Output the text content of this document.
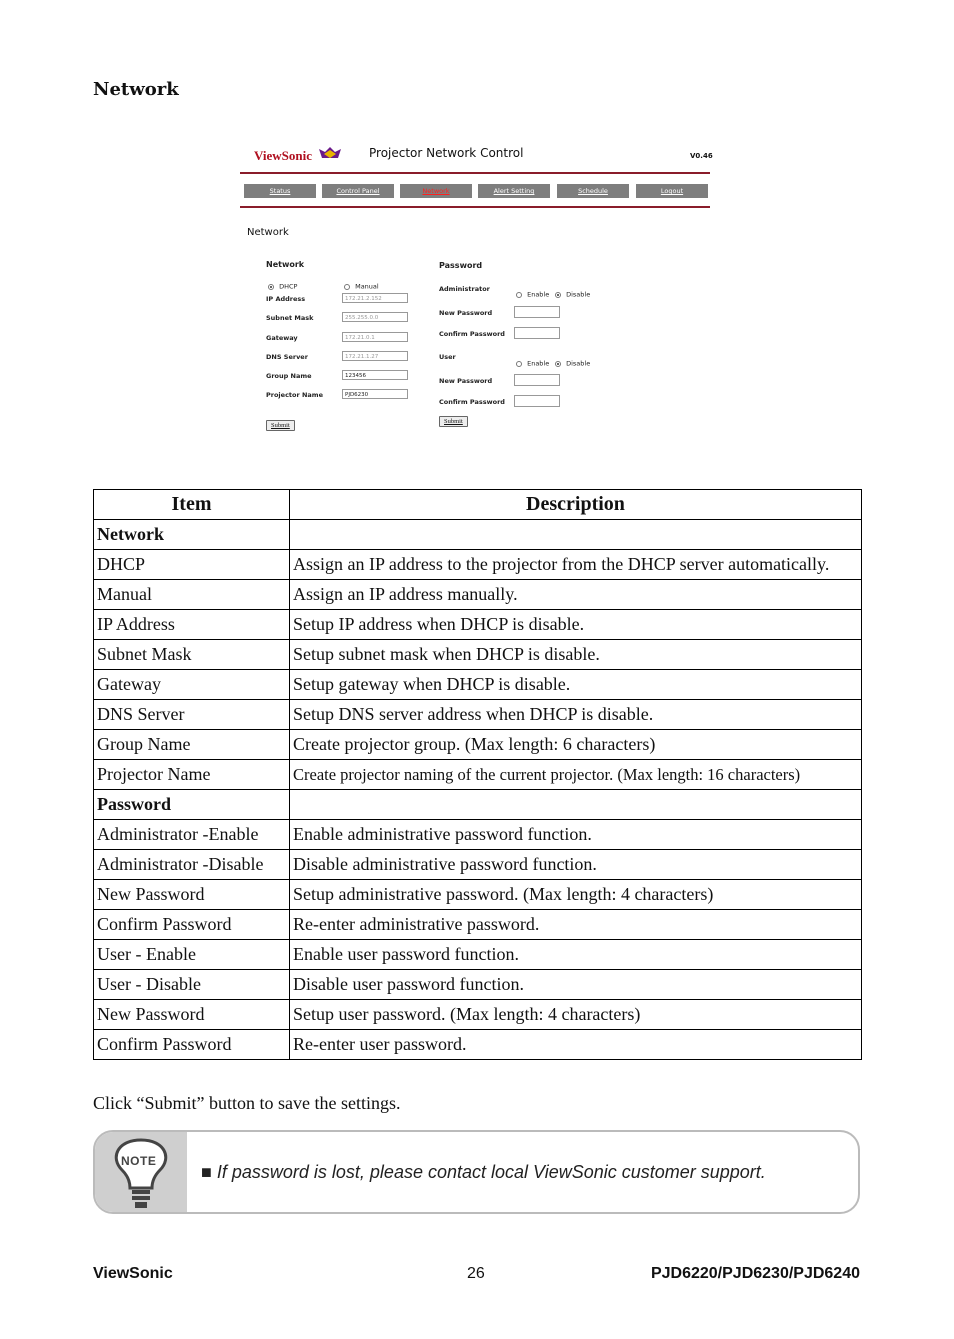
Network
ViewSonic	Projector Network Control	V0.46
Status	Control Panel	Network	Alert Setting	Schedule	Logout
Network
Network
DHCP	Manual
IP Address	172.21.2.152
Subnet Mask	255.255.0.0
Gateway	172.21.0.1
DNS Server	172.21.1.27
Group Name	123456
Projector Name	PJD6230
Submit
Password
Administrator
Enable	Disable
New Password
Confirm Password
User
Enable	Disable
New Password
Confirm Password
Submit
Item	Description
Network	
DHCP	Assign an IP address to the projector from the DHCP server automatically.
Manual	Assign an IP address manually.
IP Address	Setup IP address when DHCP is disable.
Subnet Mask	Setup subnet mask when DHCP is disable.
Gateway	Setup gateway when DHCP is disable.
DNS Server	Setup DNS server address when DHCP is disable.
Group Name	Create projector group. (Max length: 6 characters)
Projector Name	Create projector naming of the current projector. (Max length: 16 characters)
Password	
Administrator -Enable	Enable administrative password function.
Administrator -Disable	Disable administrative password function.
New Password	Setup administrative password. (Max length: 4 characters)
Confirm Password	Re-enter administrative password.
User - Enable	Enable user password function.
User - Disable	Disable user password function.
New Password	Setup user password. (Max length: 4 characters)
Confirm Password	Re-enter user password.
Click “Submit” button to save the settings.
NOTE
■ If password is lost, please contact local ViewSonic customer support.
ViewSonic	26	PJD6220/PJD6230/PJD6240
